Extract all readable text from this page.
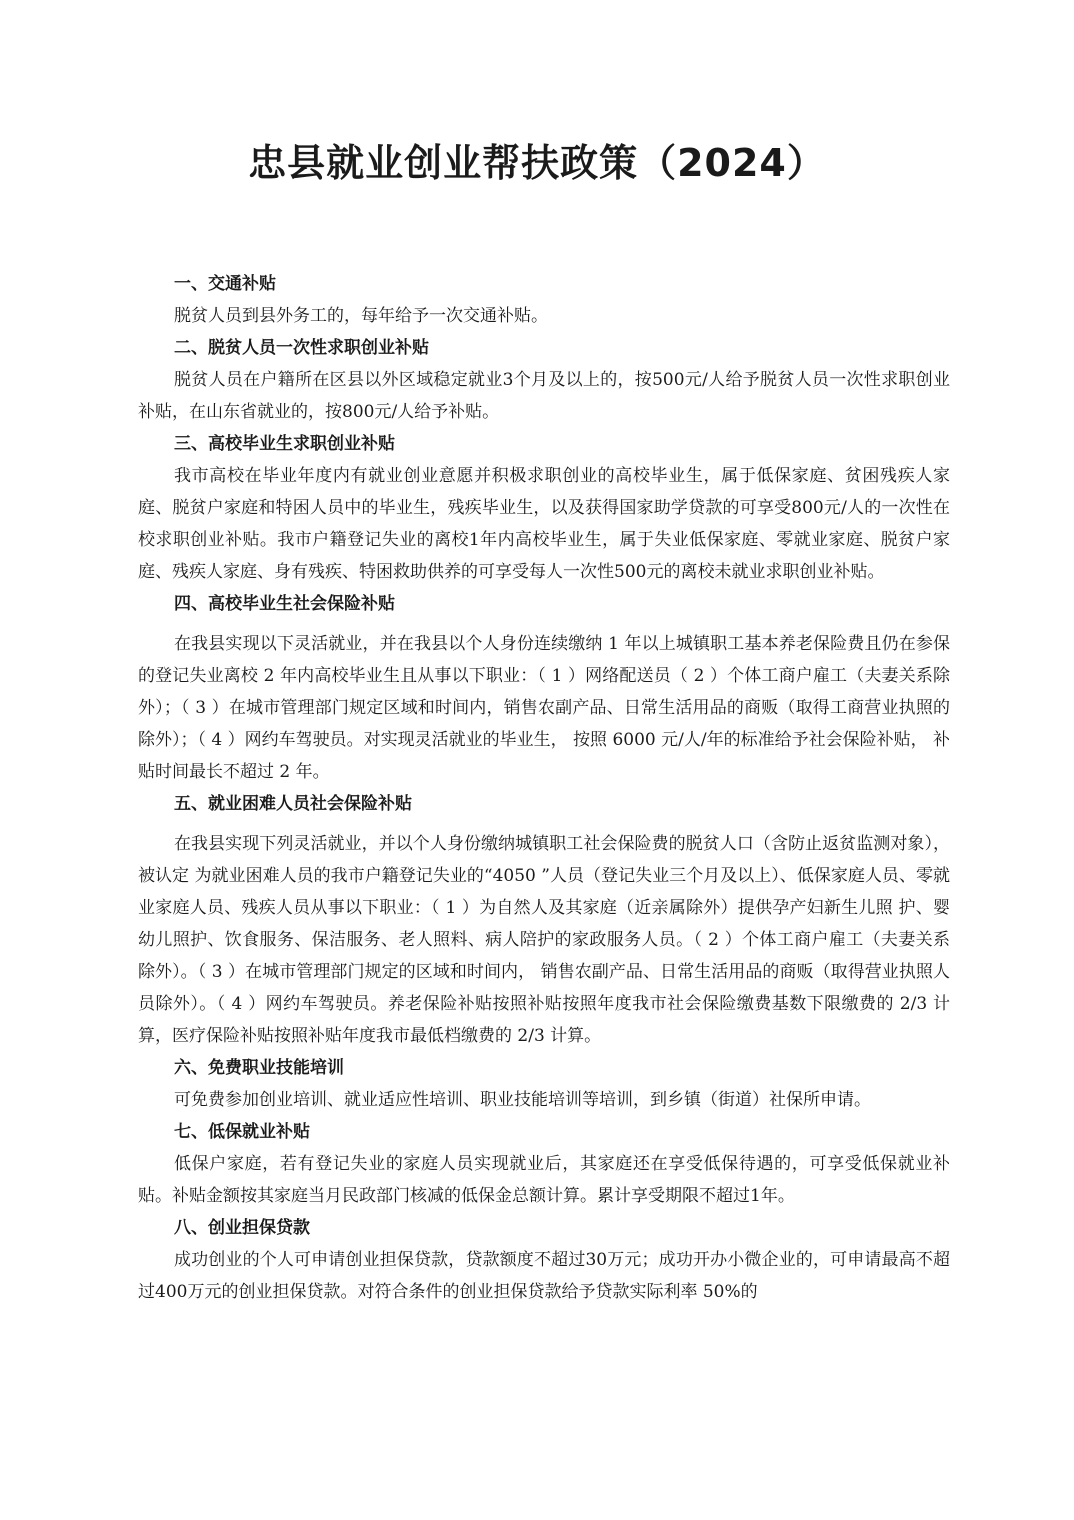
忠县就业创业帮扶政策（2024）

一、交通补贴

脱贫人员到县外务工的，每年给予一次交通补贴。

二、脱贫人员一次性求职创业补贴

脱贫人员在户籍所在区县以外区域稳定就业3个月及以上的，按500元/人给予脱贫人员一次性求职创业补贴，在山东省就业的，按800元/人给予补贴。

三、高校毕业生求职创业补贴

我市高校在毕业年度内有就业创业意愿并积极求职创业的高校毕业生，属于低保家庭、贫困残疾人家庭、脱贫户家庭和特困人员中的毕业生，残疾毕业生，以及获得国家助学贷款的可享受800元/人的一次性在校求职创业补贴。我市户籍登记失业的离校1年内高校毕业生，属于失业低保家庭、零就业家庭、脱贫户家庭、残疾人家庭、身有残疾、特困救助供养的可享受每人一次性500元的离校未就业求职创业补贴。

四、高校毕业生社会保险补贴

在我县实现以下灵活就业，并在我县以个人身份连续缴纳 1 年以上城镇职工基本养老保险费且仍在参保的登记失业离校 2 年内高校毕业生且从事以下职业：（ 1 ）网络配送员（ 2 ）个体工商户雇工（夫妻关系除外）；（ 3 ）在城市管理部门规定区域和时间内，销售农副产品、日常生活用品的商贩（取得工商营业执照的除外）；（ 4 ）网约车驾驶员。对实现灵活就业的毕业生， 按照 6000 元/人/年的标准给予社会保险补贴， 补贴时间最长不超过 2 年。

五、就业困难人员社会保险补贴

在我县实现下列灵活就业，并以个人身份缴纳城镇职工社会保险费的脱贫人口（含防止返贫监测对象），被认定 为就业困难人员的我市户籍登记失业的“4050 ”人员（登记失业三个月及以上）、低保家庭人员、零就业家庭人员、残疾人员从事以下职业：（ 1 ）为自然人及其家庭（近亲属除外）提供孕产妇新生儿照 护、婴幼儿照护、饮食服务、保洁服务、老人照料、病人陪护的家政服务人员。（ 2 ）个体工商户雇工（夫妻关系除外）。（ 3 ）在城市管理部门规定的区域和时间内， 销售农副产品、日常生活用品的商贩（取得营业执照人员除外）。（ 4 ）网约车驾驶员。养老保险补贴按照补贴按照年度我市社会保险缴费基数下限缴费的 2/3 计算，医疗保险补贴按照补贴年度我市最低档缴费的 2/3 计算。

六、免费职业技能培训

可免费参加创业培训、就业适应性培训、职业技能培训等培训，到乡镇（街道）社保所申请。

七、低保就业补贴

低保户家庭，若有登记失业的家庭人员实现就业后，其家庭还在享受低保待遇的，可享受低保就业补贴。补贴金额按其家庭当月民政部门核减的低保金总额计算。累计享受期限不超过1年。

八、创业担保贷款

成功创业的个人可申请创业担保贷款，贷款额度不超过30万元；成功开办小微企业的，可申请最高不超过400万元的创业担保贷款。对符合条件的创业担保贷款给予贷款实际利率 50%的
